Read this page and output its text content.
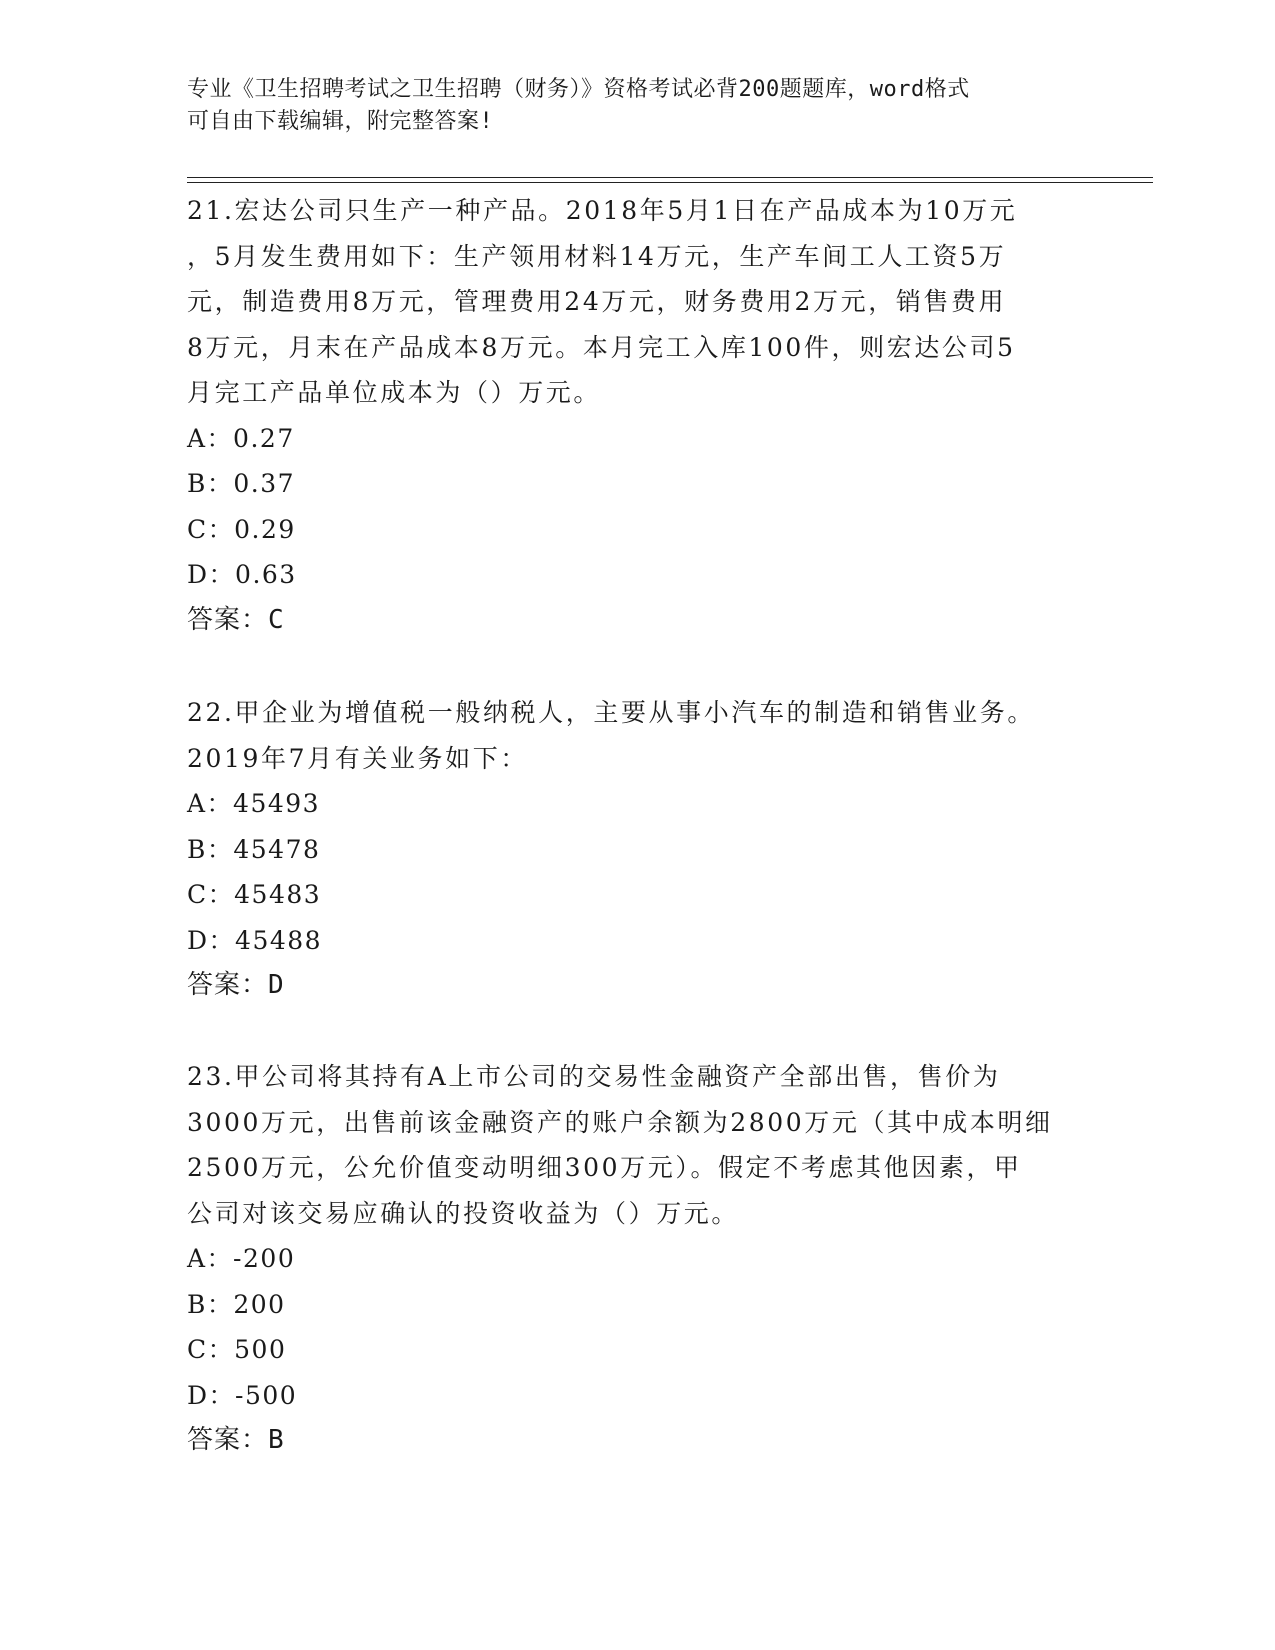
专业《卫生招聘考试之卫生招聘（财务）》资格考试必背200题题库，word格式
可自由下载编辑，附完整答案!

21.宏达公司只生产一种产品。2018年5月1日在产品成本为10万元

，5月发生费用如下：生产领用材料14万元，生产车间工人工资5万

元，制造费用8万元，管理费用24万元，财务费用2万元，销售费用

8万元，月末在产品成本8万元。本月完工入库100件，则宏达公司5

月完工产品单位成本为（）万元。

A：0.27

B：0.37

C：0.29

D：0.63

答案：C

22.甲企业为增值税一般纳税人，主要从事小汽车的制造和销售业务。

2019年7月有关业务如下：

A：45493

B：45478

C：45483

D：45488

答案：D

23.甲公司将其持有A上市公司的交易性金融资产全部出售，售价为

3000万元，出售前该金融资产的账户余额为2800万元（其中成本明细

2500万元，公允价值变动明细300万元）。假定不考虑其他因素，甲

公司对该交易应确认的投资收益为（）万元。

A：-200

B：200

C：500

D：-500

答案：B
